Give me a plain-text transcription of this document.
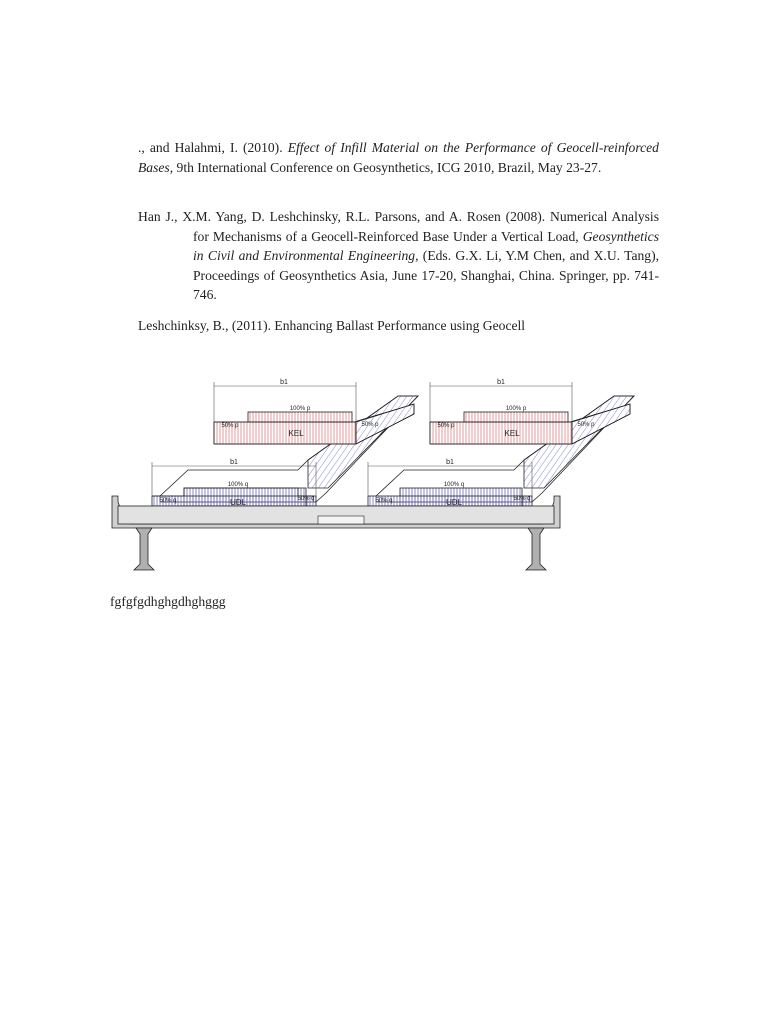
., and Halahmi, I. (2010). Effect of Infill Material on the Performance of Geocell-reinforced Bases, 9th International Conference on Geosynthetics, ICG 2010, Brazil, May 23-27.
Han J., X.M. Yang, D. Leshchinsky, R.L. Parsons, and A. Rosen (2008). Numerical Analysis for Mechanisms of a Geocell-Reinforced Base Under a Vertical Load, Geosynthetics in Civil and Environmental Engineering, (Eds. G.X. Li, Y.M Chen, and X.U. Tang), Proceedings of Geosynthetics Asia, June 17-20, Shanghai, China. Springer, pp. 741-746.
Leshchinksy, B., (2011). Enhancing Ballast Performance using Geocell
b1	b1
b1	b1
100% p
50% p	50% p
100% p
50% p	50% p
KEL	KEL
100% q
50% q	50% q
100% q
50% q	50% q
UDL	UDL
fgfgfgdhghgdhghggg
